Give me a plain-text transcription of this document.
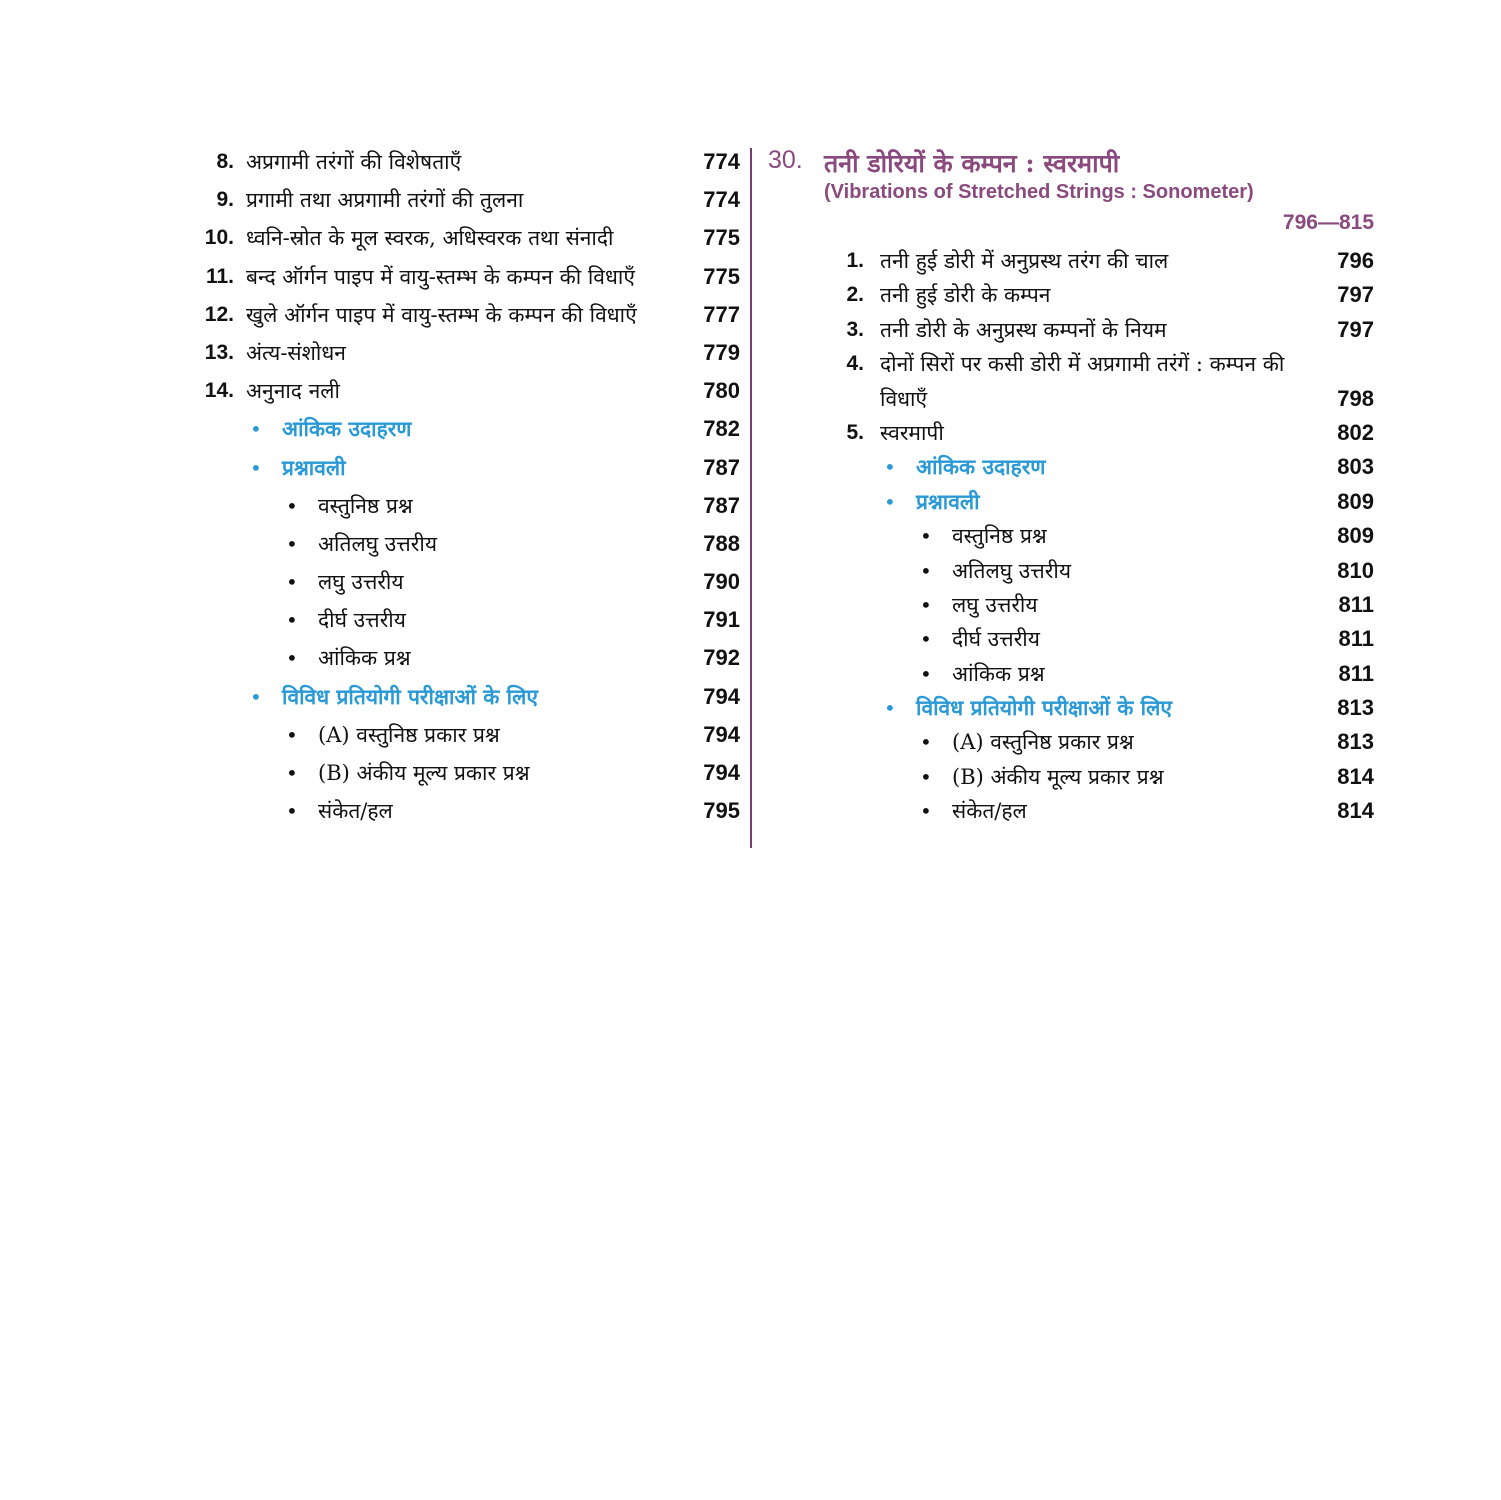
8. अप्रगामी तरंगों की विशेषताएँ	774
9. प्रगामी तथा अप्रगामी तरंगों की तुलना	774
10. ध्वनि-स्रोत के मूल स्वरक, अधिस्वरक तथा संनादी	775
11. बन्द ऑर्गन पाइप में वायु-स्तम्भ के कम्पन की विधाएँ	775
12. खुले ऑर्गन पाइप में वायु-स्तम्भ के कम्पन की विधाएँ	777
13. अंत्य-संशोधन	779
14. अनुनाद नली	780
• आंकिक उदाहरण	782
• प्रश्नावली	787
• वस्तुनिष्ठ प्रश्न	787
• अतिलघु उत्तरीय	788
• लघु उत्तरीय	790
• दीर्घ उत्तरीय	791
• आंकिक प्रश्न	792
• विविध प्रतियोगी परीक्षाओं के लिए	794
• (A) वस्तुनिष्ठ प्रकार प्रश्न	794
• (B) अंकीय मूल्य प्रकार प्रश्न	794
• संकेत/हल	795
30. तनी डोरियों के कम्पन : स्वरमापी
(Vibrations of Stretched Strings : Sonometer)
796—815
1. तनी हुई डोरी में अनुप्रस्थ तरंग की चाल	796
2. तनी हुई डोरी के कम्पन	797
3. तनी डोरी के अनुप्रस्थ कम्पनों के नियम	797
4. दोनों सिरों पर कसी डोरी में अप्रगामी तरंगें : कम्पन की
विधाएँ	798
5. स्वरमापी	802
• आंकिक उदाहरण	803
• प्रश्नावली	809
• वस्तुनिष्ठ प्रश्न	809
• अतिलघु उत्तरीय	810
• लघु उत्तरीय	811
• दीर्घ उत्तरीय	811
• आंकिक प्रश्न	811
• विविध प्रतियोगी परीक्षाओं के लिए	813
• (A) वस्तुनिष्ठ प्रकार प्रश्न	813
• (B) अंकीय मूल्य प्रकार प्रश्न	814
• संकेत/हल	814
